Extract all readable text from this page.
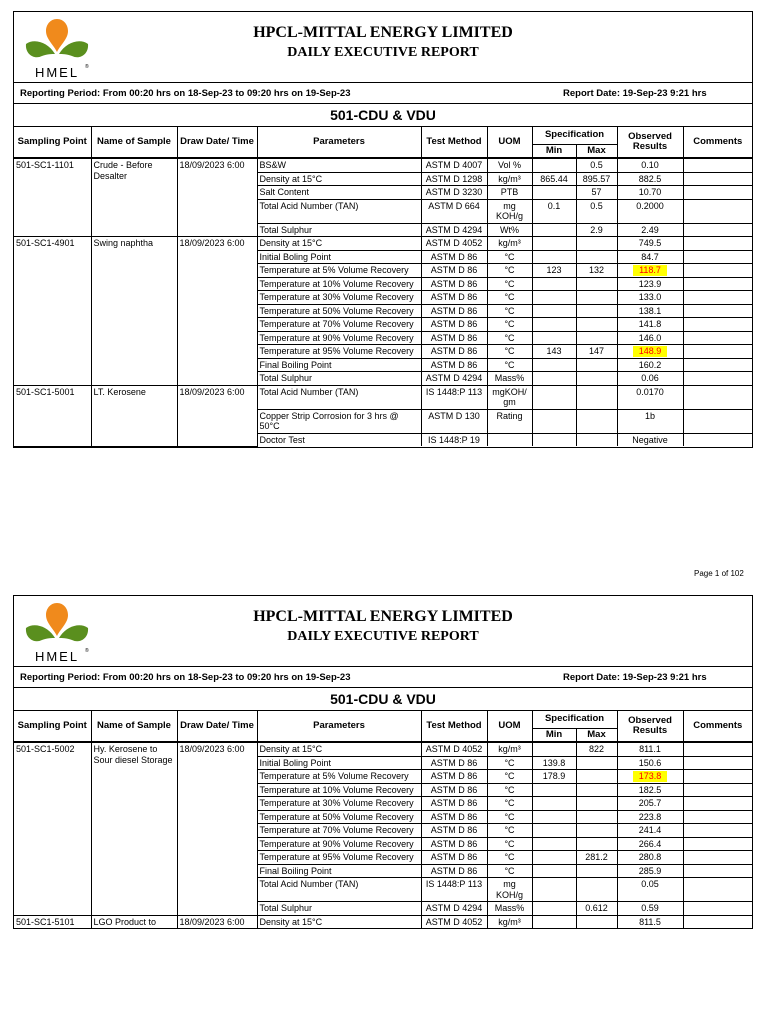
HMEL ®
HPCL-MITTAL ENERGY LIMITED
DAILY EXECUTIVE REPORT
Reporting Period: From 00:20 hrs on 18-Sep-23 to 09:20 hrs on 19-Sep-23	Report Date: 19-Sep-23 9:21 hrs
501-CDU & VDU
Sampling Point	Name of Sample	Draw Date/ Time	Parameters	Test Method	UOM	Specification		Observed Results	Comments
						Min	Max		
501-SC1-1101	Crude - Before Desalter	18/09/2023 6:00	BS&W	ASTM D 4007	Vol %		0.5	0.10	
			Density at 15°C	ASTM D 1298	kg/m³	865.44	895.57	882.5	
			Salt Content	ASTM D 3230	PTB		57	10.70	
			Total Acid Number (TAN)	ASTM D 664	mg KOH/g	0.1	0.5	0.2000	
			Total Sulphur	ASTM D 4294	Wt%		2.9	2.49	
501-SC1-4901	Swing naphtha	18/09/2023 6:00	Density at 15°C	ASTM D 4052	kg/m³			749.5	
			Initial Boling Point	ASTM D 86	°C			84.7	
			Temperature at 5% Volume Recovery	ASTM D 86	°C	123	132	118.7	
			Temperature at 10% Volume Recovery	ASTM D 86	°C			123.9	
			Temperature at 30% Volume Recovery	ASTM D 86	°C			133.0	
			Temperature at 50% Volume Recovery	ASTM D 86	°C			138.1	
			Temperature at 70% Volume Recovery	ASTM D 86	°C			141.8	
			Temperature at 90% Volume Recovery	ASTM D 86	°C			146.0	
			Temperature at 95% Volume Recovery	ASTM D 86	°C	143	147	148.9	
			Final Boiling Point	ASTM D 86	°C			160.2	
			Total Sulphur	ASTM D 4294	Mass%			0.06	
501-SC1-5001	LT. Kerosene	18/09/2023 6:00	Total Acid Number (TAN)	IS 1448:P 113	mgKOH/ gm			0.0170	
			Copper Strip Corrosion for 3 hrs @ 50°C	ASTM D 130	Rating			1b	
			Doctor Test	IS 1448:P 19				Negative	
Page 1 of 102
HMEL ®
HPCL-MITTAL ENERGY LIMITED
DAILY EXECUTIVE REPORT
Reporting Period: From 00:20 hrs on 18-Sep-23 to 09:20 hrs on 19-Sep-23	Report Date: 19-Sep-23 9:21 hrs
501-CDU & VDU
Sampling Point	Name of Sample	Draw Date/ Time	Parameters	Test Method	UOM	Specification		Observed Results	Comments
						Min	Max		
501-SC1-5002	Hy. Kerosene to Sour diesel Storage	18/09/2023 6:00	Density at 15°C	ASTM D 4052	kg/m³		822	811.1	
			Initial Boling Point	ASTM D 86	°C	139.8		150.6	
			Temperature at 5% Volume Recovery	ASTM D 86	°C	178.9		173.8	
			Temperature at 10% Volume Recovery	ASTM D 86	°C			182.5	
			Temperature at 30% Volume Recovery	ASTM D 86	°C			205.7	
			Temperature at 50% Volume Recovery	ASTM D 86	°C			223.8	
			Temperature at 70% Volume Recovery	ASTM D 86	°C			241.4	
			Temperature at 90% Volume Recovery	ASTM D 86	°C			266.4	
			Temperature at 95% Volume Recovery	ASTM D 86	°C		281.2	280.8	
			Final Boiling Point	ASTM D 86	°C			285.9	
			Total Acid Number (TAN)	IS 1448:P 113	mg KOH/g			0.05	
			Total Sulphur	ASTM D 4294	Mass%		0.612	0.59	
501-SC1-5101	LGO Product to	18/09/2023 6:00	Density at 15°C	ASTM D 4052	kg/m³			811.5	
